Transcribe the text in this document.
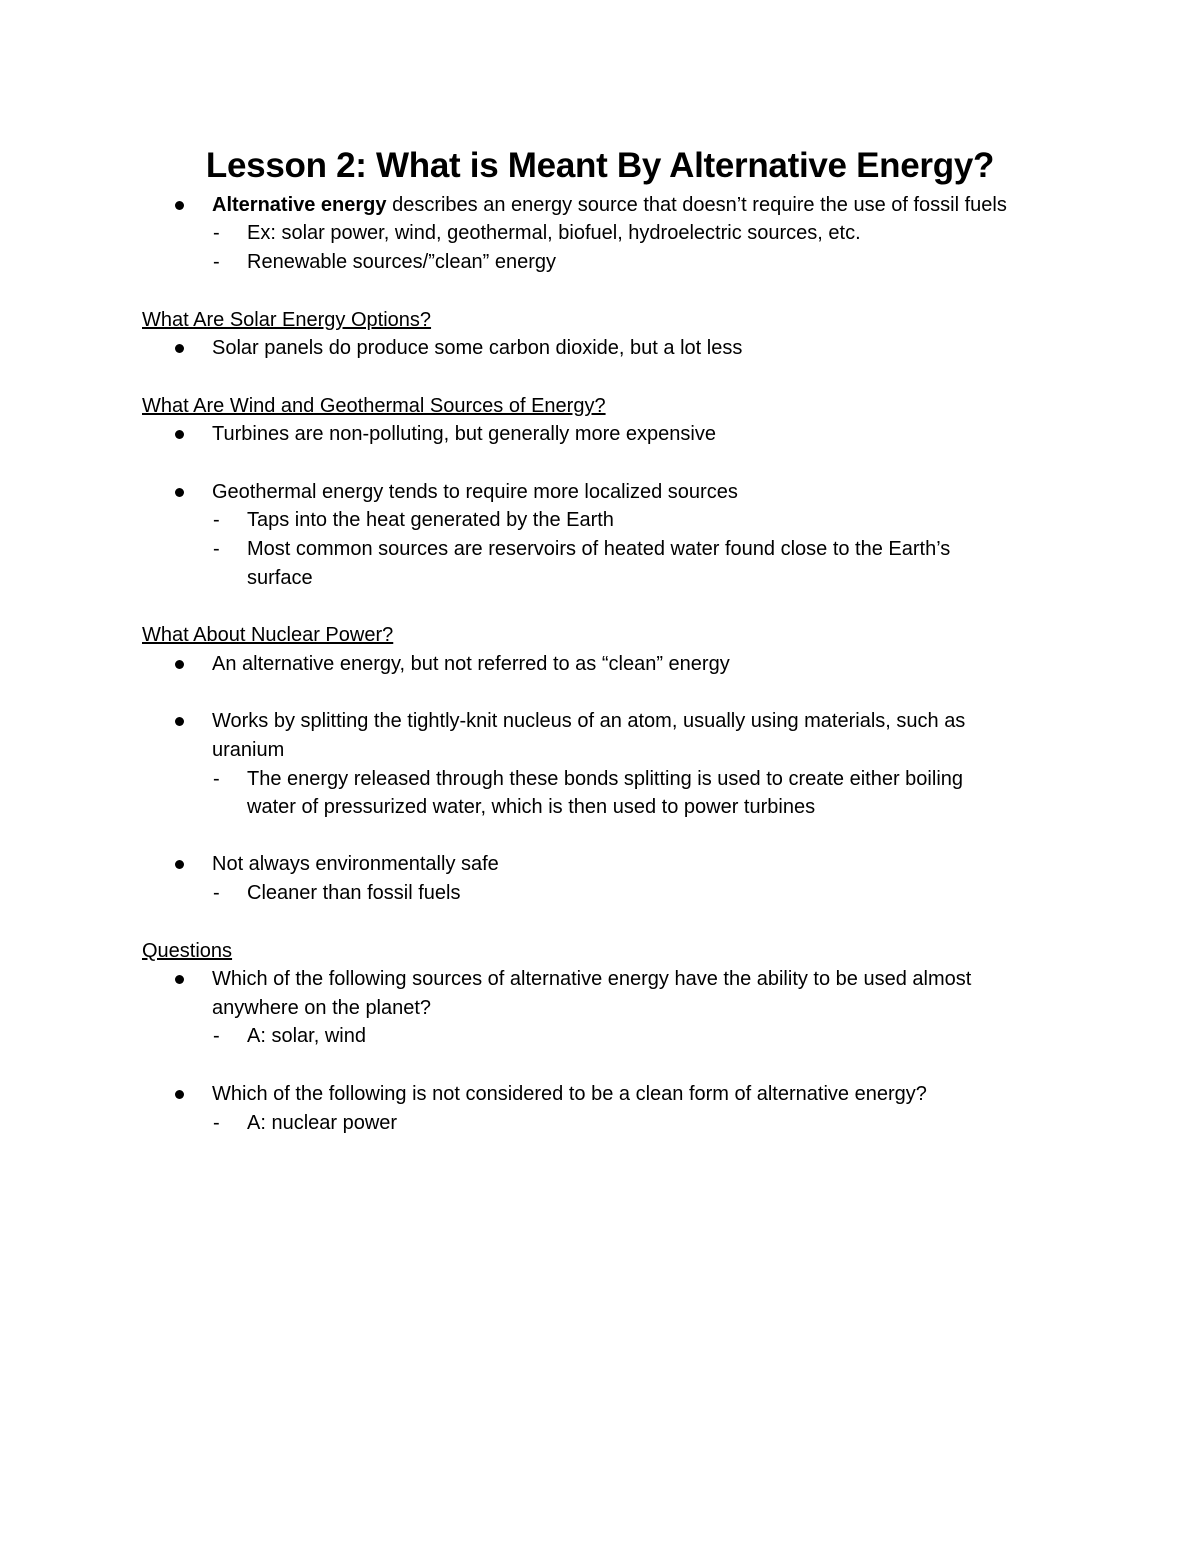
Lesson 2: What is Meant By Alternative Energy?
Alternative energy describes an energy source that doesn’t require the use of fossil fuels
- Ex: solar power, wind, geothermal, biofuel, hydroelectric sources, etc.
- Renewable sources/”clean” energy
What Are Solar Energy Options?
Solar panels do produce some carbon dioxide, but a lot less
What Are Wind and Geothermal Sources of Energy?
Turbines are non-polluting, but generally more expensive
Geothermal energy tends to require more localized sources
- Taps into the heat generated by the Earth
- Most common sources are reservoirs of heated water found close to the Earth’s
surface
What About Nuclear Power?
An alternative energy, but not referred to as “clean” energy
Works by splitting the tightly-knit nucleus of an atom, usually using materials, such as
uranium
- The energy released through these bonds splitting is used to create either boiling
water of pressurized water, which is then used to power turbines
Not always environmentally safe
- Cleaner than fossil fuels
Questions
Which of the following sources of alternative energy have the ability to be used almost
anywhere on the planet?
- A: solar, wind
Which of the following is not considered to be a clean form of alternative energy?
- A: nuclear power
